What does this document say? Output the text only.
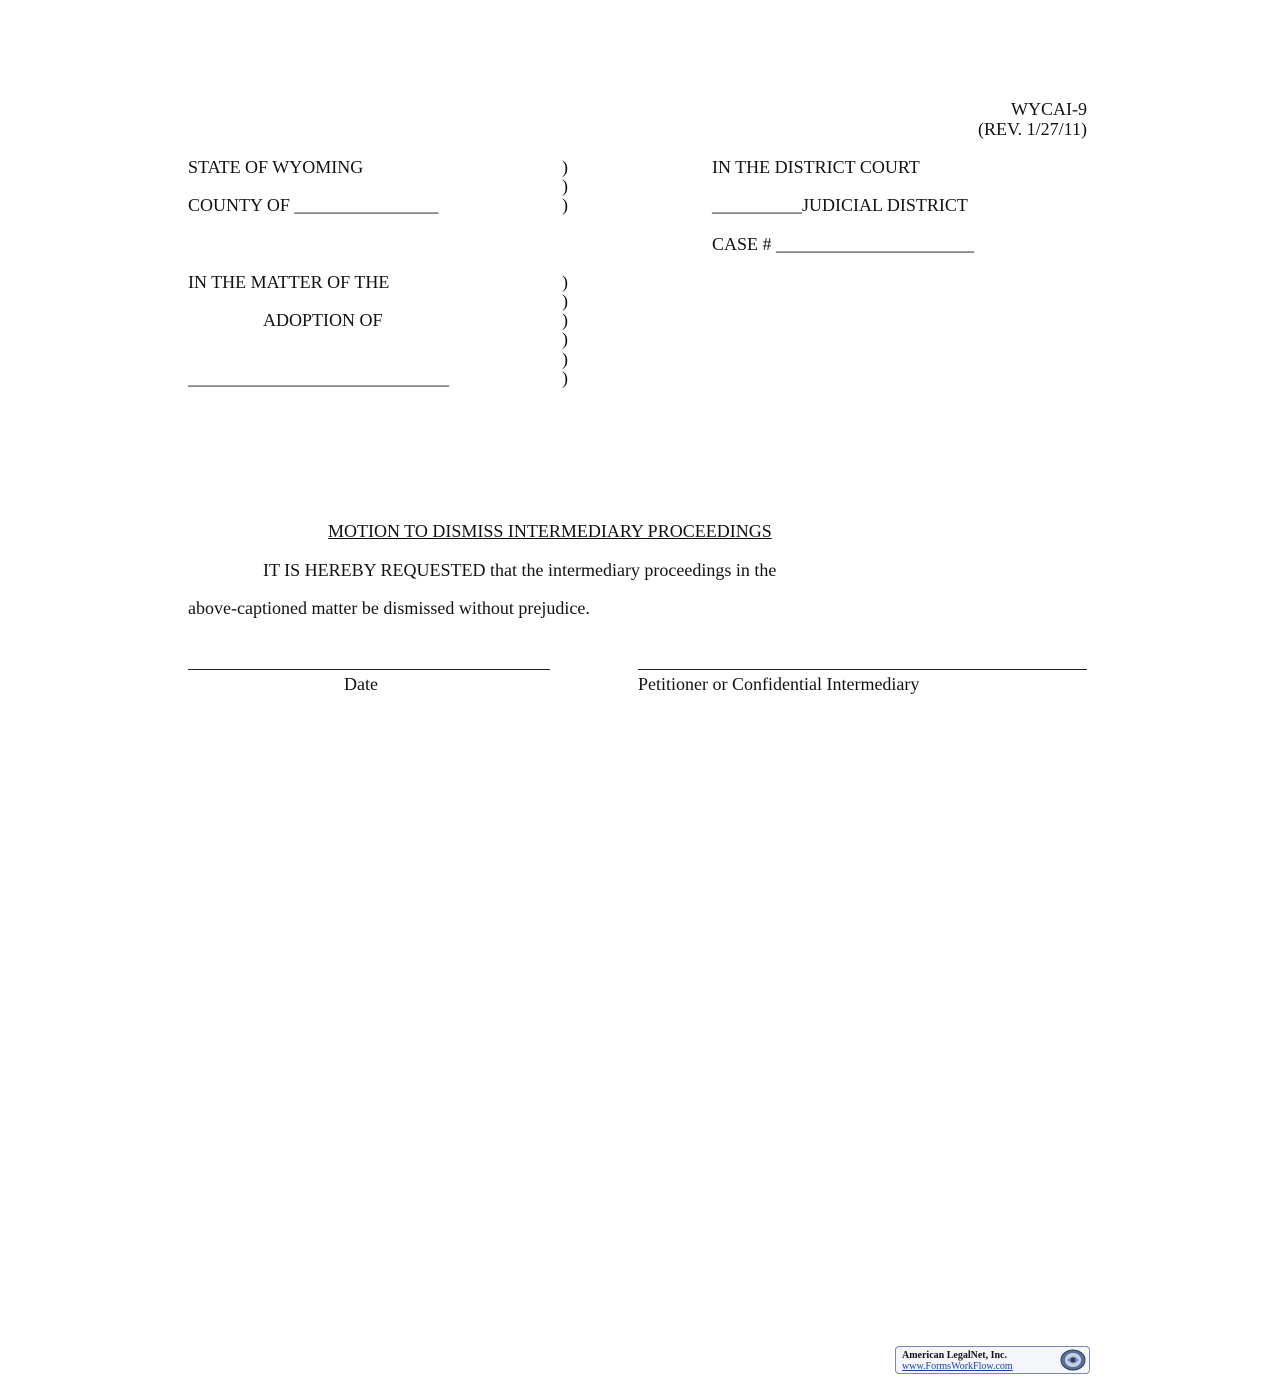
WYCAI-9
(REV. 1/27/11)
STATE OF WYOMING
COUNTY OF ________________
IN THE MATTER OF THE
ADOPTION OF
_____________________________
)
)
)
)
)
)
)
)
)
IN THE DISTRICT COURT
__________JUDICIAL DISTRICT
CASE # ______________________
MOTION TO DISMISS INTERMEDIARY PROCEEDINGS
IT IS HEREBY REQUESTED that the intermediary proceedings in the
above-captioned matter be dismissed without prejudice.
Date	Petitioner or Confidential Intermediary
American LegalNet, Inc.
www.FormsWorkFlow.com
